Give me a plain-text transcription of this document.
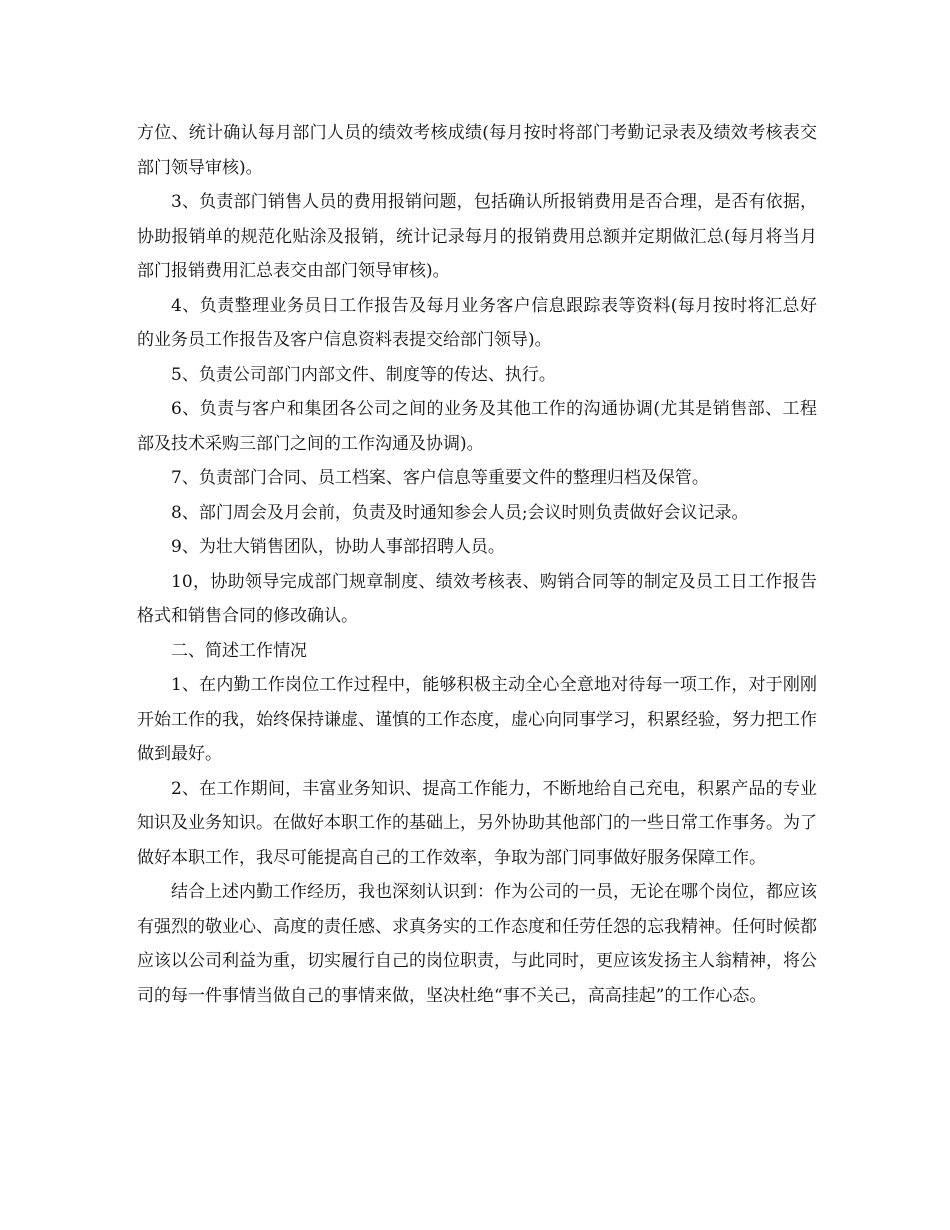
方位、统计确认每月部门人员的绩效考核成绩(每月按时将部门考勤记录表及绩效考核表交部门领导审核)。

3、负责部门销售人员的费用报销问题，包括确认所报销费用是否合理，是否有依据，协助报销单的规范化贴涂及报销，统计记录每月的报销费用总额并定期做汇总(每月将当月部门报销费用汇总表交由部门领导审核)。

4、负责整理业务员日工作报告及每月业务客户信息跟踪表等资料(每月按时将汇总好的业务员工作报告及客户信息资料表提交给部门领导)。

5、负责公司部门内部文件、制度等的传达、执行。

6、负责与客户和集团各公司之间的业务及其他工作的沟通协调(尤其是销售部、工程部及技术采购三部门之间的工作沟通及协调)。

7、负责部门合同、员工档案、客户信息等重要文件的整理归档及保管。

8、部门周会及月会前，负责及时通知参会人员;会议时则负责做好会议记录。

9、为壮大销售团队，协助人事部招聘人员。

10，协助领导完成部门规章制度、绩效考核表、购销合同等的制定及员工日工作报告格式和销售合同的修改确认。

二、简述工作情况

1、在内勤工作岗位工作过程中，能够积极主动全心全意地对待每一项工作，对于刚刚开始工作的我，始终保持谦虚、谨慎的工作态度，虚心向同事学习，积累经验，努力把工作做到最好。

2、在工作期间，丰富业务知识、提高工作能力，不断地给自己充电，积累产品的专业知识及业务知识。在做好本职工作的基础上，另外协助其他部门的一些日常工作事务。为了做好本职工作，我尽可能提高自己的工作效率，争取为部门同事做好服务保障工作。

结合上述内勤工作经历，我也深刻认识到：作为公司的一员，无论在哪个岗位，都应该有强烈的敬业心、高度的责任感、求真务实的工作态度和任劳任怨的忘我精神。任何时候都应该以公司利益为重，切实履行自己的岗位职责，与此同时，更应该发扬主人翁精神，将公司的每一件事情当做自己的事情来做，坚决杜绝“事不关己，高高挂起”的工作心态。
